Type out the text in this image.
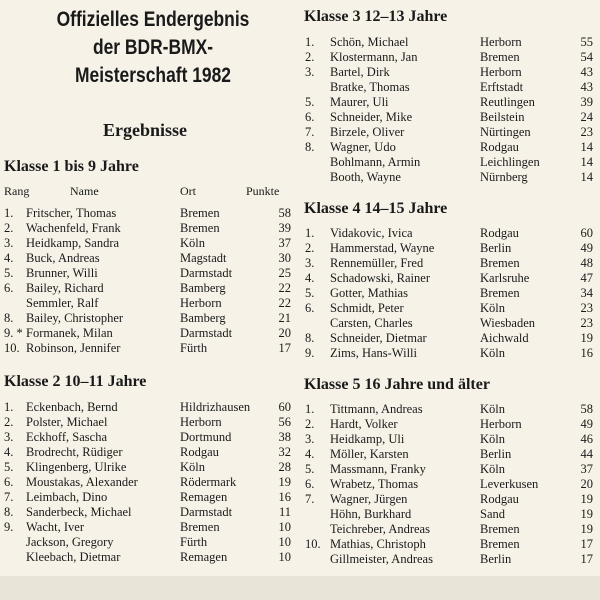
Offizielles Endergebnis
der BDR-BMX-
Meisterschaft 1982
Ergebnisse
Klasse 1 bis 9 Jahre
Rang	Name	Ort	Punkte
1. Fritscher, Thomas	Bremen	58
2. Wachenfeld, Frank	Bremen	39
3. Heidkamp, Sandra	Köln	37
4. Buck, Andreas	Magstadt	30
5. Brunner, Willi	Darmstadt	25
6. Bailey, Richard	Bamberg	22
Semmler, Ralf	Herborn	22
8. Bailey, Christopher	Bamberg	21
9. * Formanek, Milan	Darmstadt	20
10. Robinson, Jennifer	Fürth	17
Klasse 2 10–11 Jahre
1. Eckenbach, Bernd	Hildrizhausen 60
2. Polster, Michael	Herborn	56
3. Eckhoff, Sascha	Dortmund	38
4. Brodrecht, Rüdiger	Rodgau	32
5. Klingenberg, Ulrike	Köln	28
6. Moustakas, Alexander	Rödermark	19
7. Leimbach, Dino	Remagen	16
8. Sanderbeck, Michael	Darmstadt	11
9. Wacht, Iver	Bremen	10
Jackson, Gregory	Fürth	10
Kleebach, Dietmar	Remagen	10
Klasse 3 12–13 Jahre
1. Schön, Michael	Herborn	55
2. Klostermann, Jan	Bremen	54
3. Bartel, Dirk	Herborn	43
Bratke, Thomas	Erftstadt	43
5. Maurer, Uli	Reutlingen	39
6. Schneider, Mike	Beilstein	24
7. Birzele, Oliver	Nürtingen	23
8. Wagner, Udo	Rodgau	14
Bohlmann, Armin	Leichlingen	14
Booth, Wayne	Nürnberg	14
Klasse 4 14–15 Jahre
1. Vidakovic, Ivica	Rodgau	60
2. Hammerstad, Wayne	Berlin	49
3. Rennemüller, Fred	Bremen	48
4. Schadowski, Rainer	Karlsruhe	47
5. Gotter, Mathias	Bremen	34
6. Schmidt, Peter	Köln	23
Carsten, Charles	Wiesbaden	23
8. Schneider, Dietmar	Aichwald	19
9. Zims, Hans-Willi	Köln	16
Klasse 5 16 Jahre und älter
1. Tittmann, Andreas	Köln	58
2. Hardt, Volker	Herborn	49
3. Heidkamp, Uli	Köln	46
4. Möller, Karsten	Berlin	44
5. Massmann, Franky	Köln	37
6. Wrabetz, Thomas	Leverkusen	20
7. Wagner, Jürgen	Rodgau	19
Höhn, Burkhard	Sand	19
Teichreber, Andreas	Bremen	19
10. Mathias, Christoph	Bremen	17
Gillmeister, Andreas	Berlin	17
